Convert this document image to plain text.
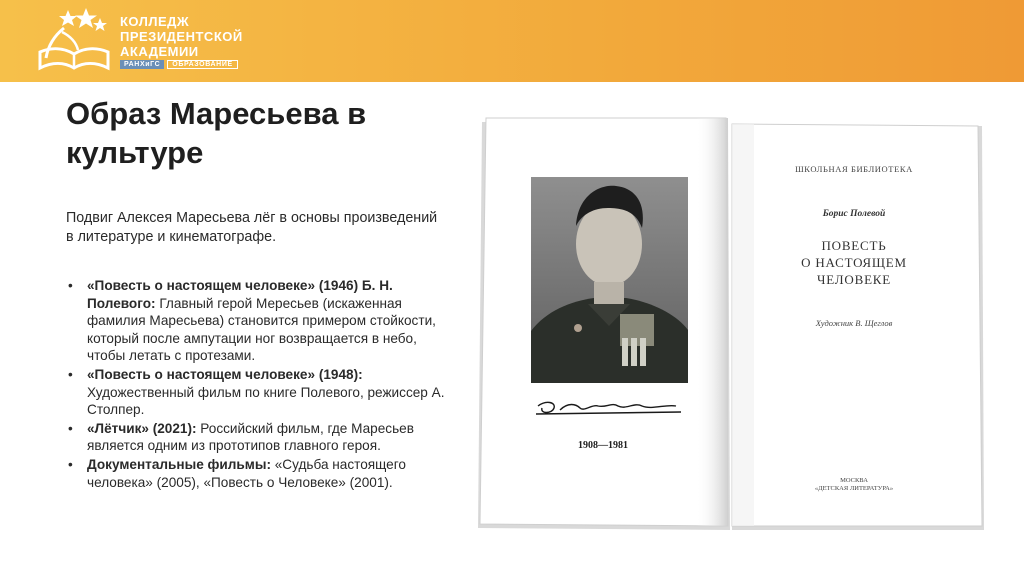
КОЛЛЕДЖ
ПРЕЗИДЕНТСКОЙ
АКАДЕМИИ
РАНХиГС	ОБРАЗОВАНИЕ
Образ Маресьева в культуре

Подвиг Алексея Маресьева лёг в основы произведений в литературе и кинематографе.

• «Повесть о настоящем человеке» (1946) Б. Н. Полевого: Главный герой Мересьев (искаженная фамилия Маресьева) становится примером стойкости, который после ампутации ног возвращается в небо, чтобы летать с протезами.
• «Повесть о настоящем человеке» (1948): Художественный фильм по книге Полевого, режиссер А. Столпер.
• «Лётчик» (2021): Российский фильм, где Маресьев является одним из прототипов главного героя.
• Документальные фильмы: «Судьба настоящего человека» (2005), «Повесть о Человеке» (2001).
1908—1981
ШКОЛЬНАЯ БИБЛИОТЕКА
Борис Полевой
ПОВЕСТЬ
О НАСТОЯЩЕМ
ЧЕЛОВЕКЕ
Художник В. Щеглов
МОСКВА
«ДЕТСКАЯ ЛИТЕРАТУРА»
